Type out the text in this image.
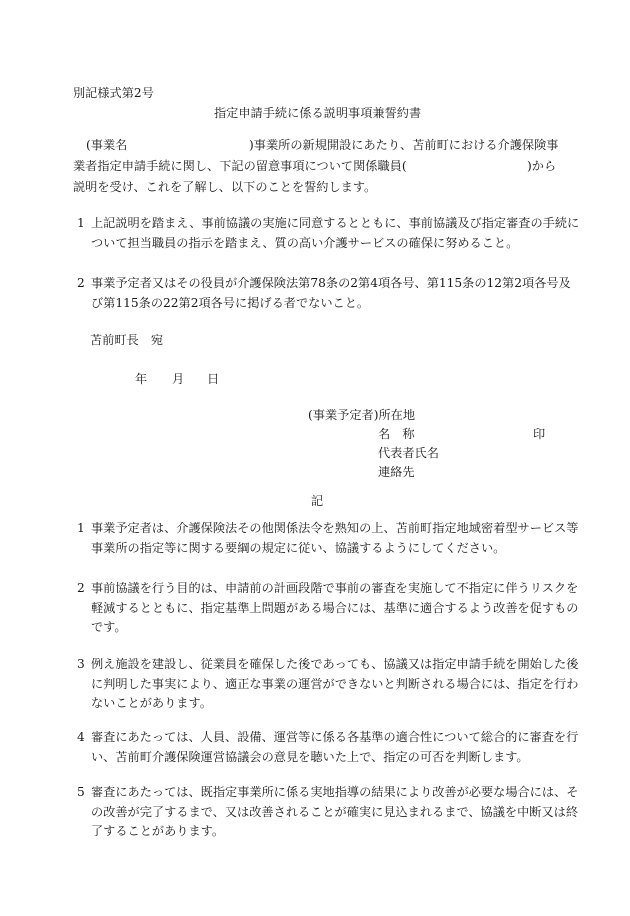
別記様式第2号
指定申請手続に係る説明事項兼誓約書
(事業名	)事業所の新規開設にあたり、苫前町における介護保険事
業者指定申請手続に関し、下記の留意事項について関係職員(	)から
説明を受け、これを了解し、以下のことを誓約します。
1 上記説明を踏まえ、事前協議の実施に同意するとともに、事前協議及び指定審査の手続について担当職員の指示を踏まえ、質の高い介護サービスの確保に努めること。
2 事業予定者又はその役員が介護保険法第78条の2第4項各号、第115条の12第2項各号及び第115条の22第2項各号に掲げる者でないこと。
苫前町長　宛
年 月 日
(事業予定者)所在地
名　称	印
代表者氏名
連絡先
記
1 事業予定者は、介護保険法その他関係法令を熟知の上、苫前町指定地域密着型サービス等事業所の指定等に関する要綱の規定に従い、協議するようにしてください。
2 事前協議を行う目的は、申請前の計画段階で事前の審査を実施して不指定に伴うリスクを軽減するとともに、指定基準上問題がある場合には、基準に適合するよう改善を促すものです。
3 例え施設を建設し、従業員を確保した後であっても、協議又は指定申請手続を開始した後に判明した事実により、適正な事業の運営ができないと判断される場合には、指定を行わないことがあります。
4 審査にあたっては、人員、設備、運営等に係る各基準の適合性について総合的に審査を行い、苫前町介護保険運営協議会の意見を聴いた上で、指定の可否を判断します。
5 審査にあたっては、既指定事業所に係る実地指導の結果により改善が必要な場合には、その改善が完了するまで、又は改善されることが確実に見込まれるまで、協議を中断又は終了することがあります。
